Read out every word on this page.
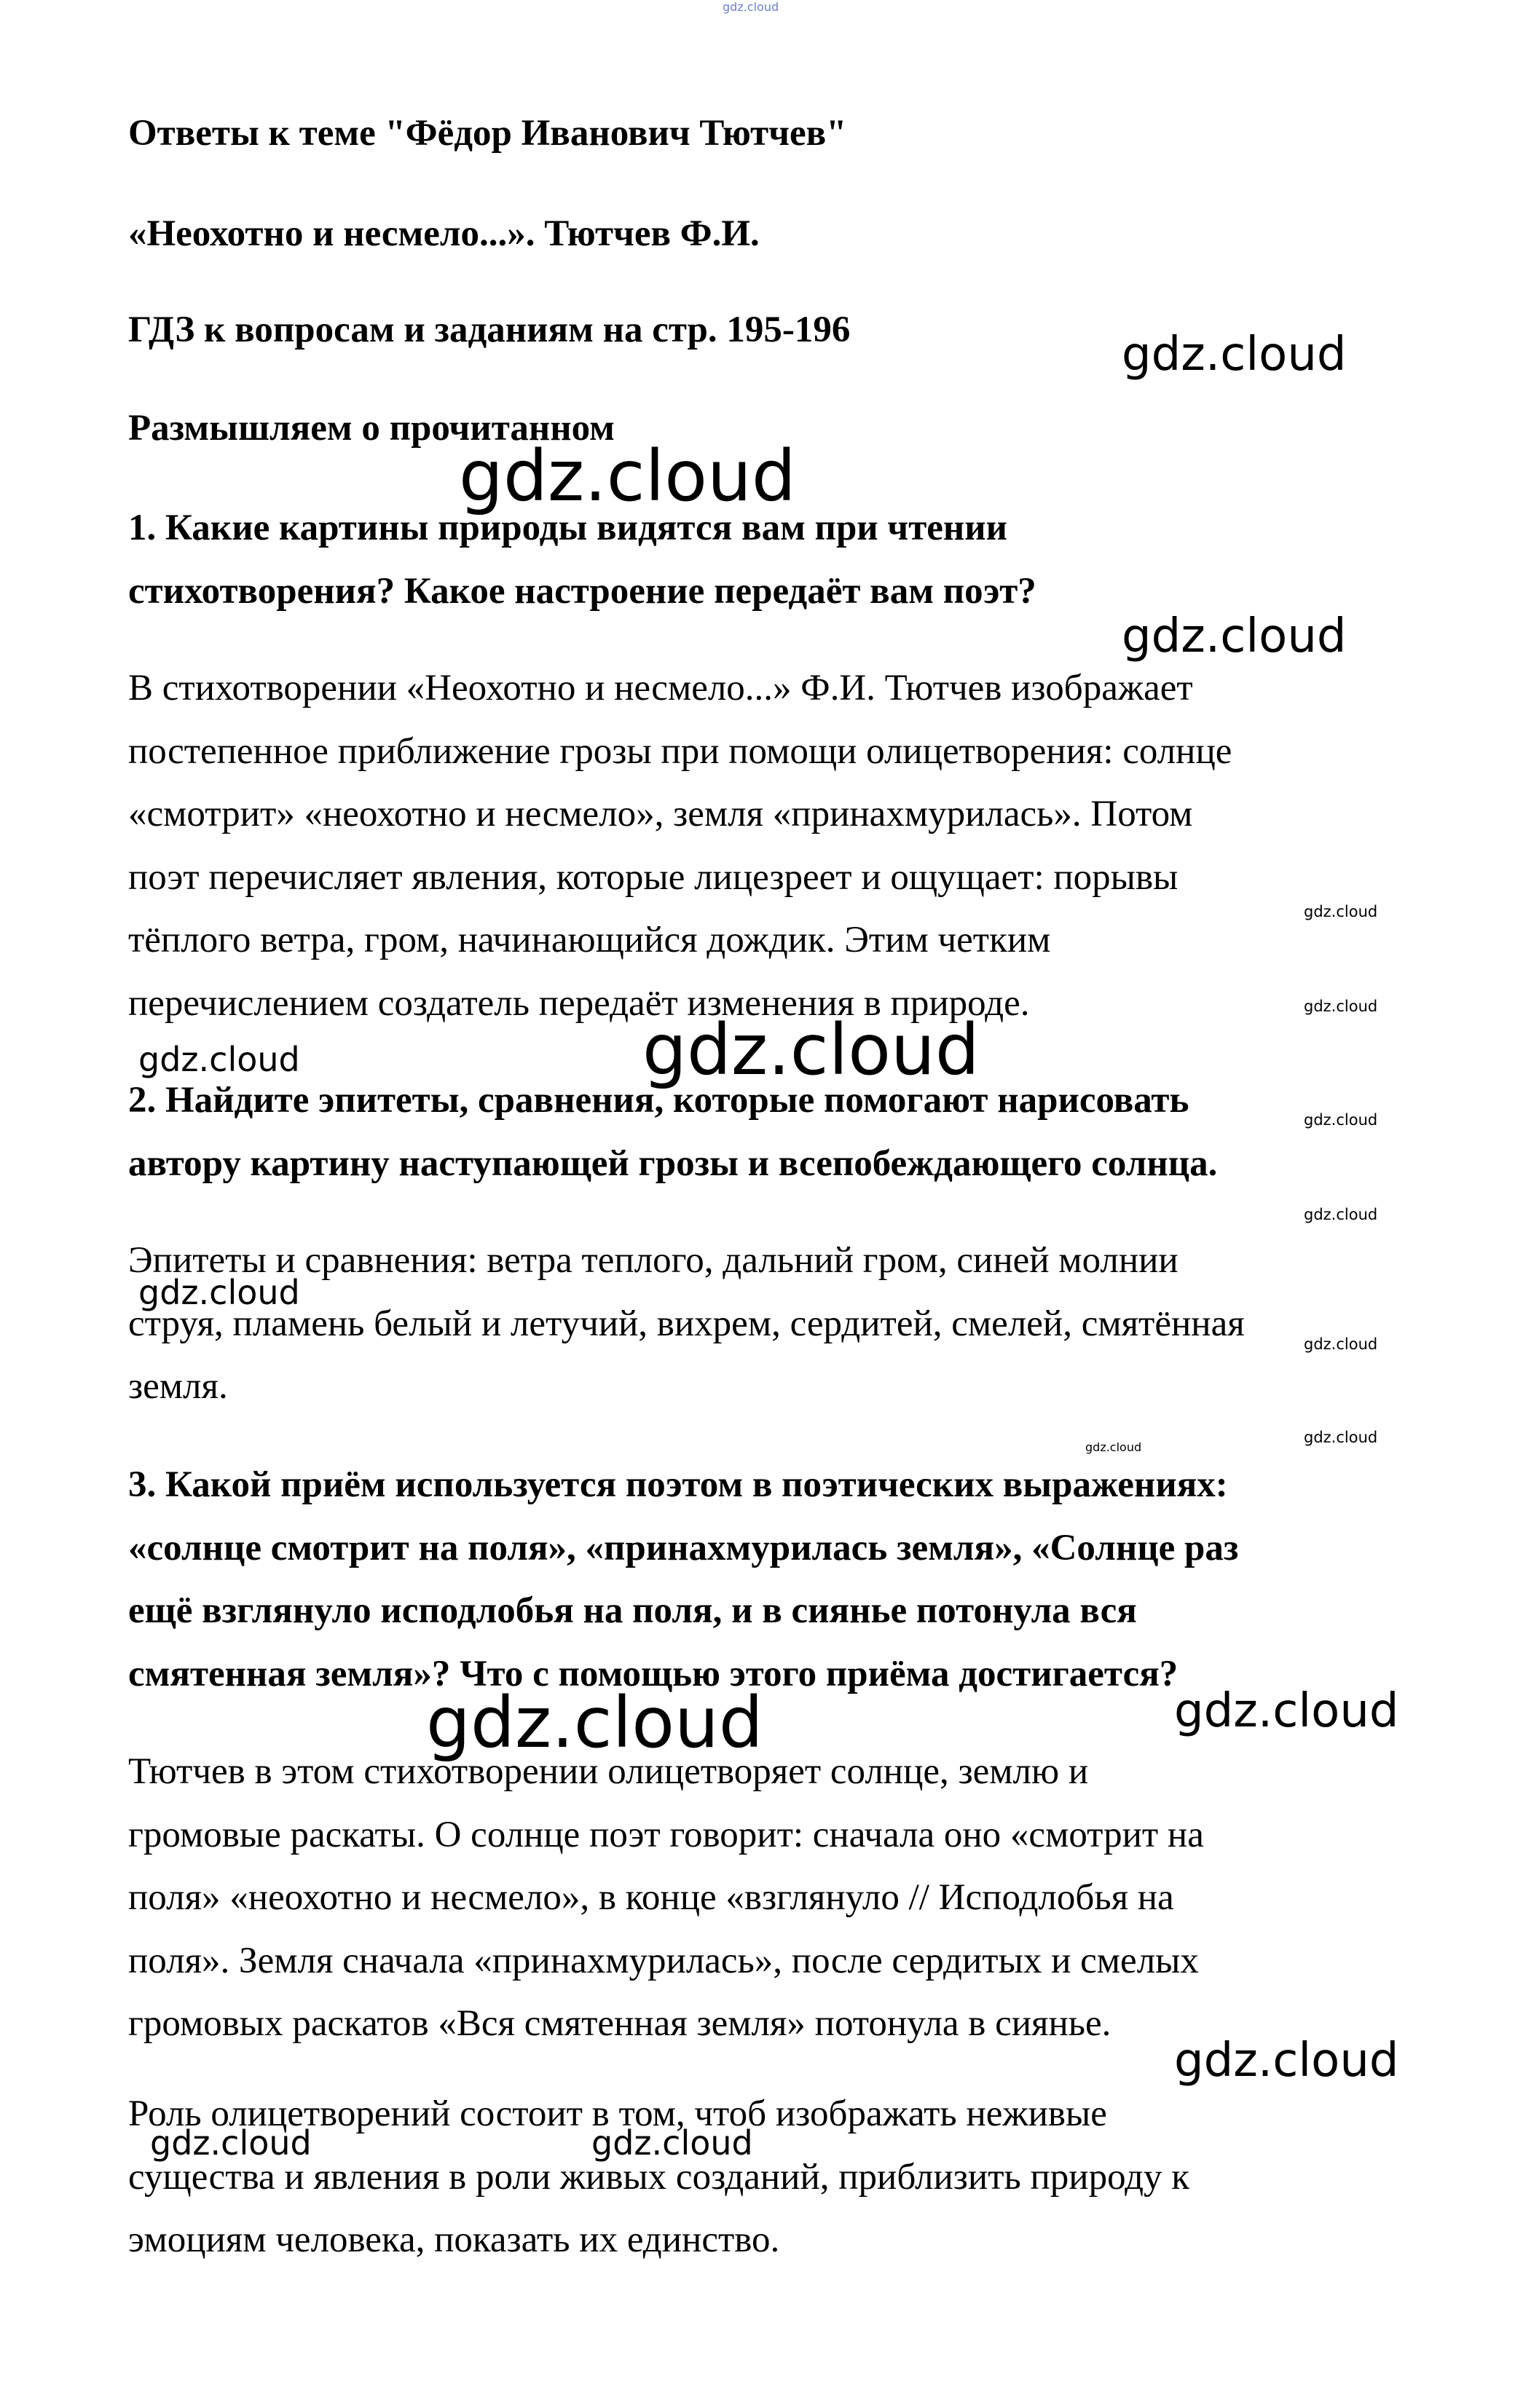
gdz.cloud
Ответы к теме "Фёдор Иванович Тютчев"
«Неохотно и несмело...». Тютчев Ф.И.
ГДЗ к вопросам и заданиям на стр. 195-196
Размышляем о прочитанном
1. Какие картины природы видятся вам при чтении
стихотворения? Какое настроение передаёт вам поэт?
В стихотворении «Неохотно и несмело...» Ф.И. Тютчев изображает
постепенное приближение грозы при помощи олицетворения: солнце
«смотрит» «неохотно и несмело», земля «принахмурилась». Потом
поэт перечисляет явления, которые лицезреет и ощущает: порывы
тёплого ветра, гром, начинающийся дождик. Этим четким
перечислением создатель передаёт изменения в природе.
2. Найдите эпитеты, сравнения, которые помогают нарисовать
автору картину наступающей грозы и всепобеждающего солнца.
Эпитеты и сравнения: ветра теплого, дальний гром, синей молнии
струя, пламень белый и летучий, вихрем, сердитей, смелей, смятённая
земля.
3. Какой приём используется поэтом в поэтических выражениях:
«солнце смотрит на поля», «принахмурилась земля», «Солнце раз
ещё взглянуло исподлобья на поля, и в сиянье потонула вся
смятенная земля»? Что с помощью этого приёма достигается?
Тютчев в этом стихотворении олицетворяет солнце, землю и
громовые раскаты. О солнце поэт говорит: сначала оно «смотрит на
поля» «неохотно и несмело», в конце «взглянуло // Исподлобья на
поля». Земля сначала «принахмурилась», после сердитых и смелых
громовых раскатов «Вся смятенная земля» потонула в сиянье.
Роль олицетворений состоит в том, чтоб изображать неживые
существа и явления в роли живых созданий, приблизить природу к
эмоциям человека, показать их единство.
gdz.cloud
gdz.cloud
gdz.cloud
gdz.cloud
gdz.cloud
gdz.cloud	gdz.cloud
gdz.cloud
gdz.cloud
gdz.cloud
gdz.cloud
gdz.cloud
gdz.cloud
gdz.cloud	gdz.cloud
gdz.cloud
gdz.cloud	gdz.cloud
